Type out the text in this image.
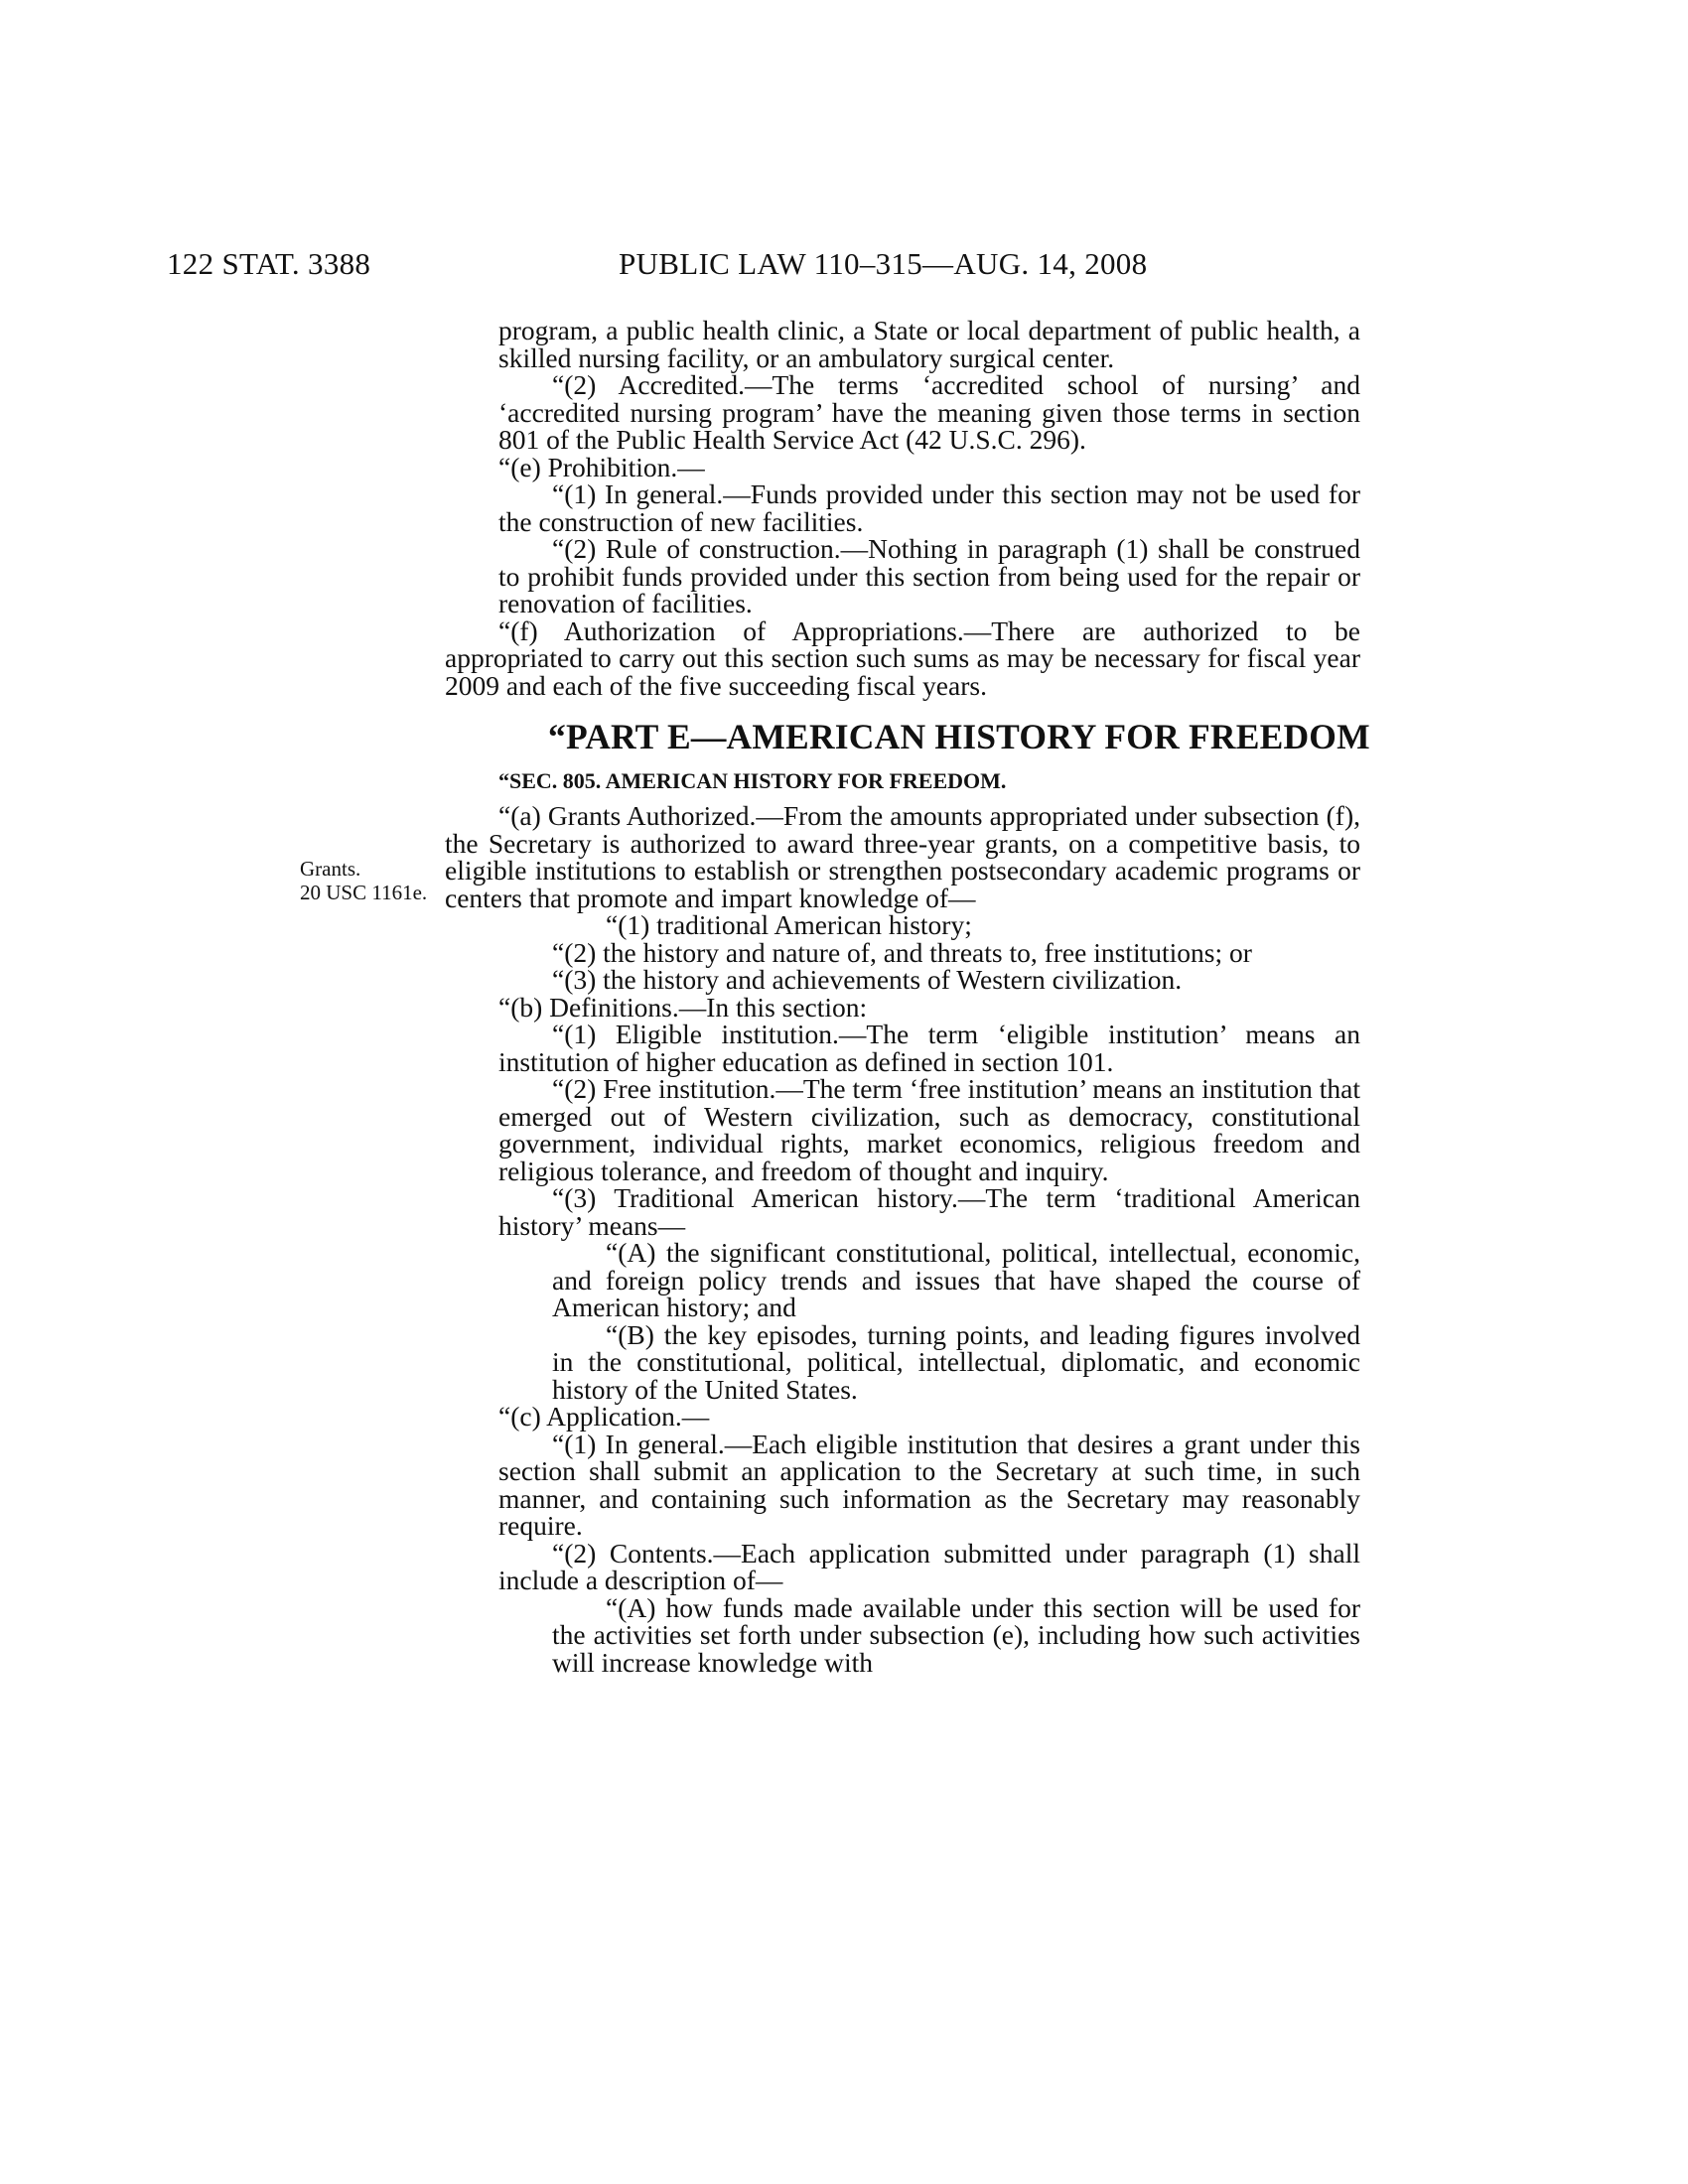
122 STAT. 3388	PUBLIC LAW 110–315—AUG. 14, 2008
Grants.
20 USC 1161e.

program, a public health clinic, a State or local department of public health, a skilled nursing facility, or an ambulatory surgical center.

“(2) Accredited.—The terms ‘accredited school of nursing’ and ‘accredited nursing program’ have the meaning given those terms in section 801 of the Public Health Service Act (42 U.S.C. 296).

“(e) Prohibition.—

“(1) In general.—Funds provided under this section may not be used for the construction of new facilities.

“(2) Rule of construction.—Nothing in paragraph (1) shall be construed to prohibit funds provided under this section from being used for the repair or renovation of facilities.

“(f) Authorization of Appropriations.—There are authorized to be appropriated to carry out this section such sums as may be necessary for fiscal year 2009 and each of the five succeeding fiscal years.

“PART E—AMERICAN HISTORY FOR FREEDOM

“SEC. 805. AMERICAN HISTORY FOR FREEDOM.

“(a) Grants Authorized.—From the amounts appropriated under subsection (f), the Secretary is authorized to award three-year grants, on a competitive basis, to eligible institutions to establish or strengthen postsecondary academic programs or centers that promote and impart knowledge of—

“(1) traditional American history;

“(2) the history and nature of, and threats to, free institutions; or

“(3) the history and achievements of Western civilization.

“(b) Definitions.—In this section:

“(1) Eligible institution.—The term ‘eligible institution’ means an institution of higher education as defined in section 101.

“(2) Free institution.—The term ‘free institution’ means an institution that emerged out of Western civilization, such as democracy, constitutional government, individual rights, market economics, religious freedom and religious tolerance, and freedom of thought and inquiry.

“(3) Traditional American history.—The term ‘traditional American history’ means—

“(A) the significant constitutional, political, intellectual, economic, and foreign policy trends and issues that have shaped the course of American history; and

“(B) the key episodes, turning points, and leading figures involved in the constitutional, political, intellectual, diplomatic, and economic history of the United States.

“(c) Application.—

“(1) In general.—Each eligible institution that desires a grant under this section shall submit an application to the Secretary at such time, in such manner, and containing such information as the Secretary may reasonably require.

“(2) Contents.—Each application submitted under paragraph (1) shall include a description of—

“(A) how funds made available under this section will be used for the activities set forth under subsection (e), including how such activities will increase knowledge with
